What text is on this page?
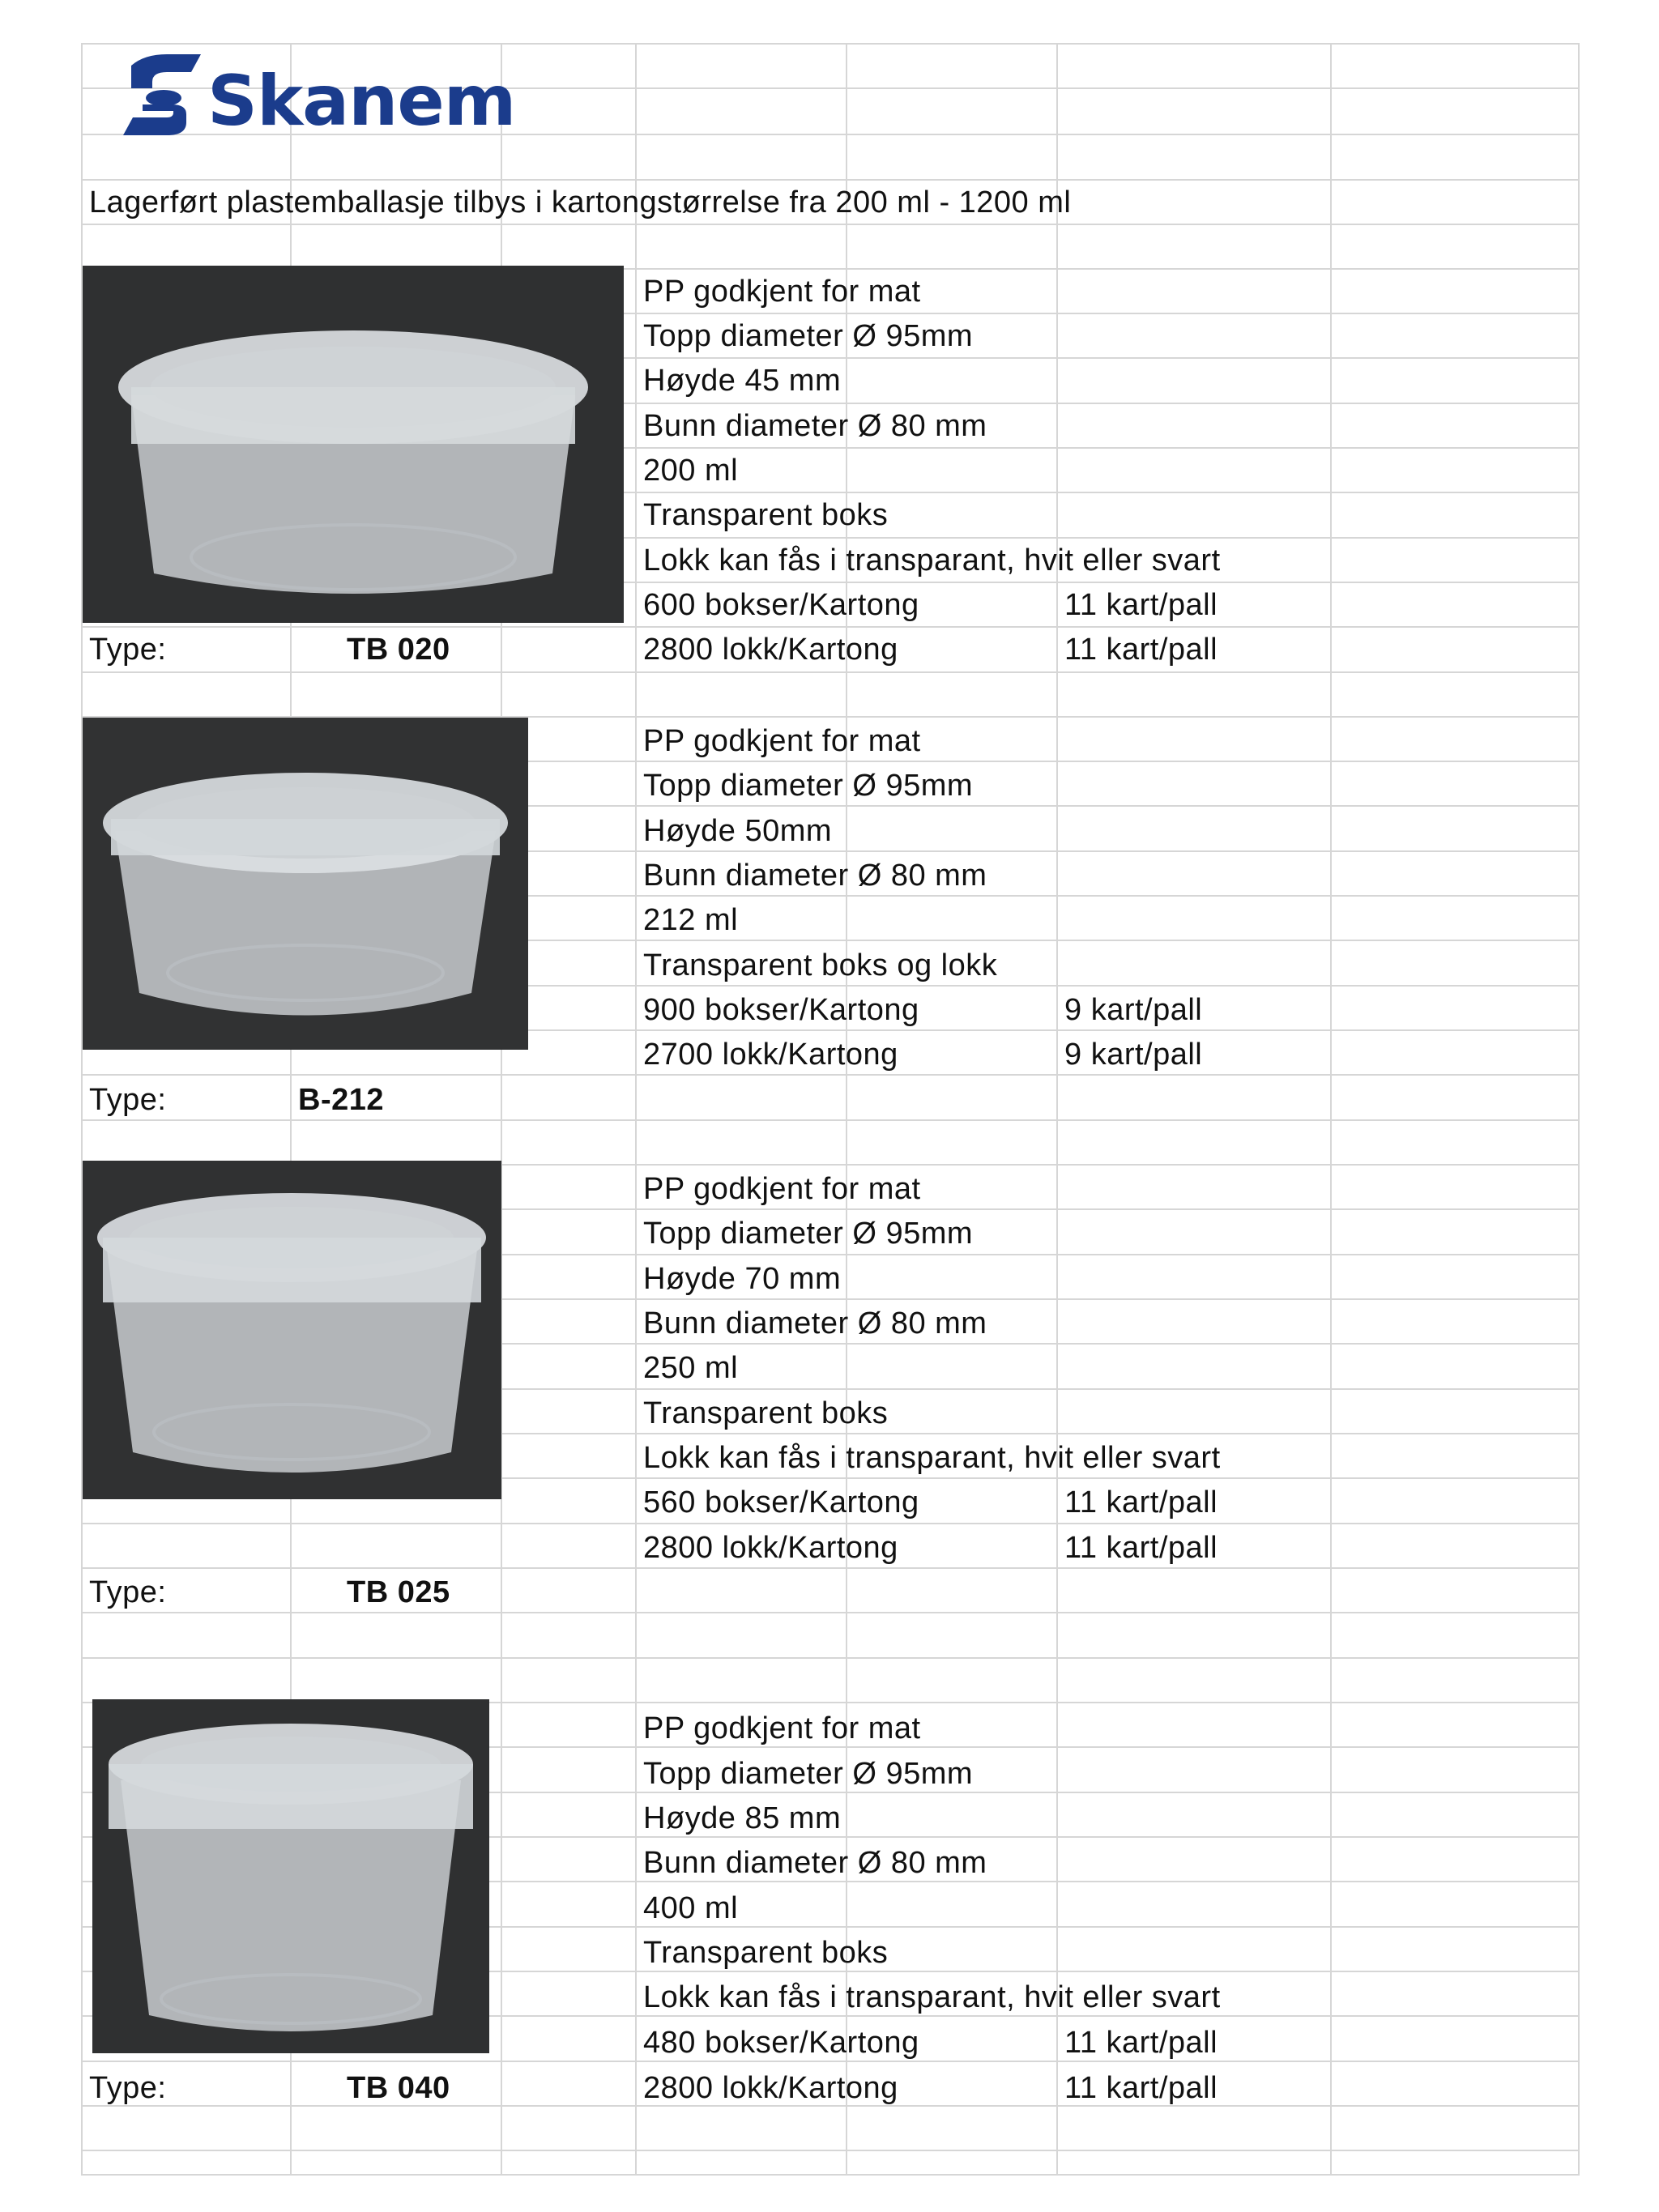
Skanem
Lagerført plastemballasje tilbys i kartongstørrelse fra 200 ml - 1200 ml
Type:	TB 020
PP godkjent for mat
Topp diameter Ø 95mm
Høyde 45 mm
Bunn diameter Ø 80 mm
200 ml
Transparent boks
Lokk kan fås i transparant, hvit eller svart
600 bokser/Kartong	11 kart/pall
2800 lokk/Kartong	11 kart/pall
Type:	B-212
PP godkjent for mat
Topp diameter Ø 95mm
Høyde 50mm
Bunn diameter Ø 80 mm
212 ml
Transparent boks og lokk
900 bokser/Kartong	9 kart/pall
2700 lokk/Kartong	9 kart/pall
Type:	TB 025
PP godkjent for mat
Topp diameter Ø 95mm
Høyde 70 mm
Bunn diameter Ø 80 mm
250 ml
Transparent boks
Lokk kan fås i transparant, hvit eller svart
560 bokser/Kartong	11 kart/pall
2800 lokk/Kartong	11 kart/pall
Type:	TB 040
PP godkjent for mat
Topp diameter Ø 95mm
Høyde 85 mm
Bunn diameter Ø 80 mm
400 ml
Transparent boks
Lokk kan fås i transparant, hvit eller svart
480 bokser/Kartong	11 kart/pall
2800 lokk/Kartong	11 kart/pall
